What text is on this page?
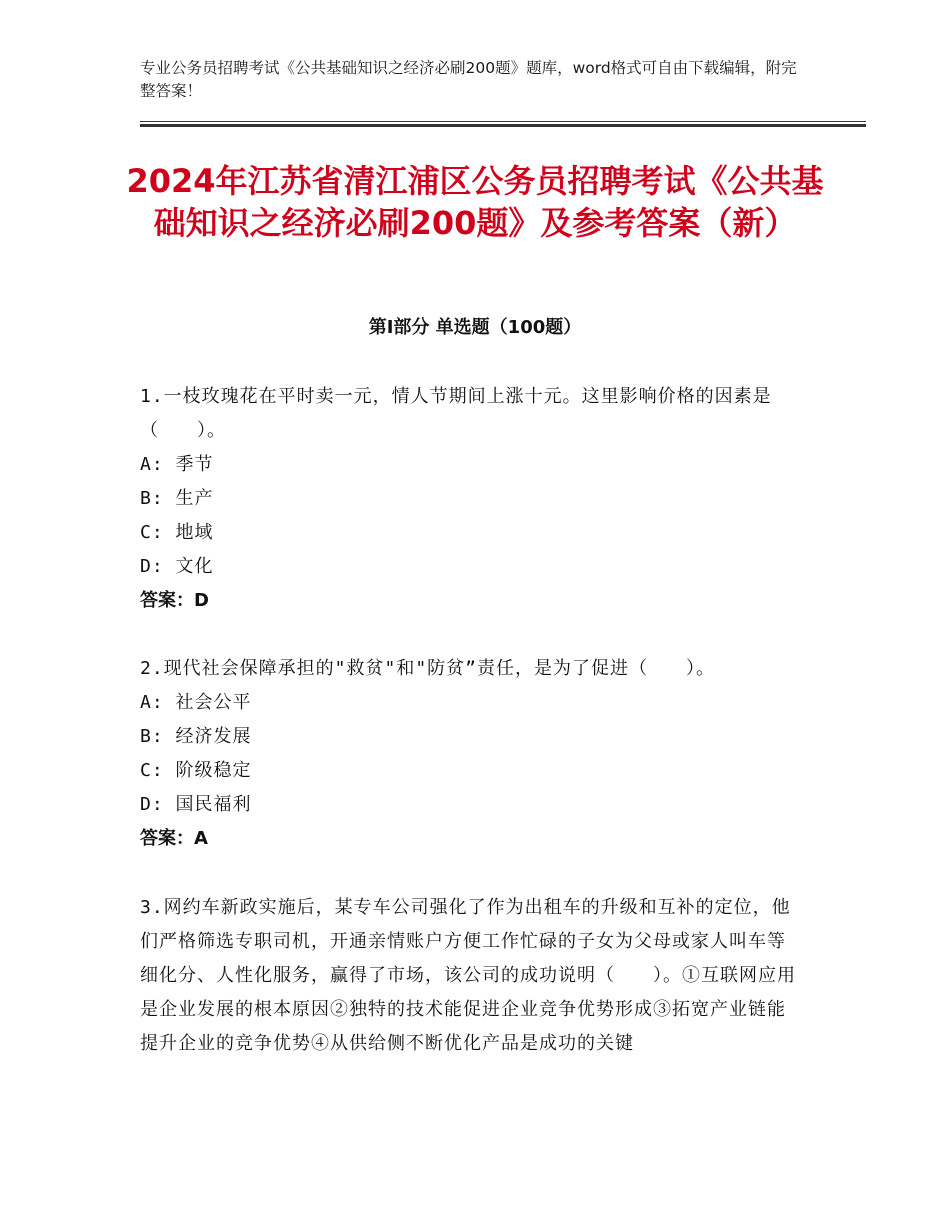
专业公务员招聘考试《公共基础知识之经济必刷200题》题库，word格式可自由下载编辑，附完整答案！
2024年江苏省清江浦区公务员招聘考试《公共基础知识之经济必刷200题》及参考答案（新）
第I部分 单选题（100题）

1.一枝玫瑰花在平时卖一元，情人节期间上涨十元。这里影响价格的因素是（　　）。

A: 季节

B: 生产

C: 地域

D: 文化

答案：D

2.现代社会保障承担的"救贫"和"防贫”责任，是为了促进（　　）。

A: 社会公平

B: 经济发展

C: 阶级稳定

D: 国民福利

答案：A

3.网约车新政实施后，某专车公司强化了作为出租车的升级和互补的定位，他们严格筛选专职司机，开通亲情账户方便工作忙碌的子女为父母或家人叫车等细化分、人性化服务，赢得了市场，该公司的成功说明（　　）。①互联网应用是企业发展的根本原因②独特的技术能促进企业竞争优势形成③拓宽产业链能提升企业的竞争优势④从供给侧不断优化产品是成功的关键
